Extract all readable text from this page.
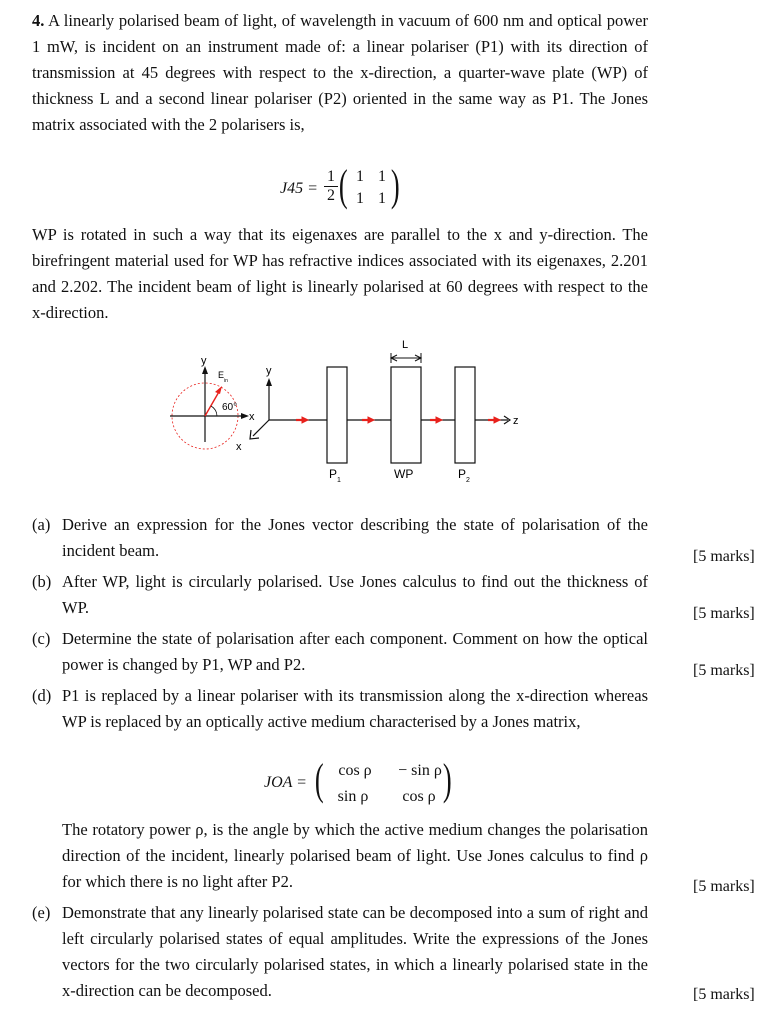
4. A linearly polarised beam of light, of wavelength in vacuum of 600 nm and optical power 1 mW, is incident on an instrument made of: a linear polariser (P1) with its direction of transmission at 45 degrees with respect to the x-direction, a quarter-wave plate (WP) of thickness L and a second linear polariser (P2) oriented in the same way as P1. The Jones matrix associated with the 2 polarisers is,
$J45 = \frac{1}{2}$ ( 1 1
1 1 )
WP is rotated in such a way that its eigenaxes are parallel to the x and y-direction. The birefringent material used for WP has refractive indices associated with its eigenaxes, 2.201 and 2.202. The incident beam of light is linearly polarised at 60 degrees with respect to the x-direction.
y
x
E
in
60°
y
x
z
P 1	WP
L
P 2
(a) Derive an expression for the Jones vector describing the state of polarisation of the incident beam.	[5 marks]
(b) After WP, light is circularly polarised. Use Jones calculus to find out the thickness of WP.	[5 marks]
(c) Determine the state of polarisation after each component. Comment on how the optical power is changed by P1, WP and P2.	[5 marks]
(d) P1 is replaced by a linear polariser with its transmission along the x-direction whereas WP is replaced by an optically active medium characterised by a Jones matrix,
JOA = ( cos ρ	− sin ρ
sin ρ	cos ρ )
The rotatory power ρ, is the angle by which the active medium changes the polarisation direction of the incident, linearly polarised beam of light. Use Jones calculus to find ρ for which there is no light after P2.	[5 marks]
(e) Demonstrate that any linearly polarised state can be decomposed into a sum of right and left circularly polarised states of equal amplitudes. Write the expressions of the Jones vectors for the two circularly polarised states, in which a linearly polarised state in the x-direction can be decomposed.	[5 marks]
